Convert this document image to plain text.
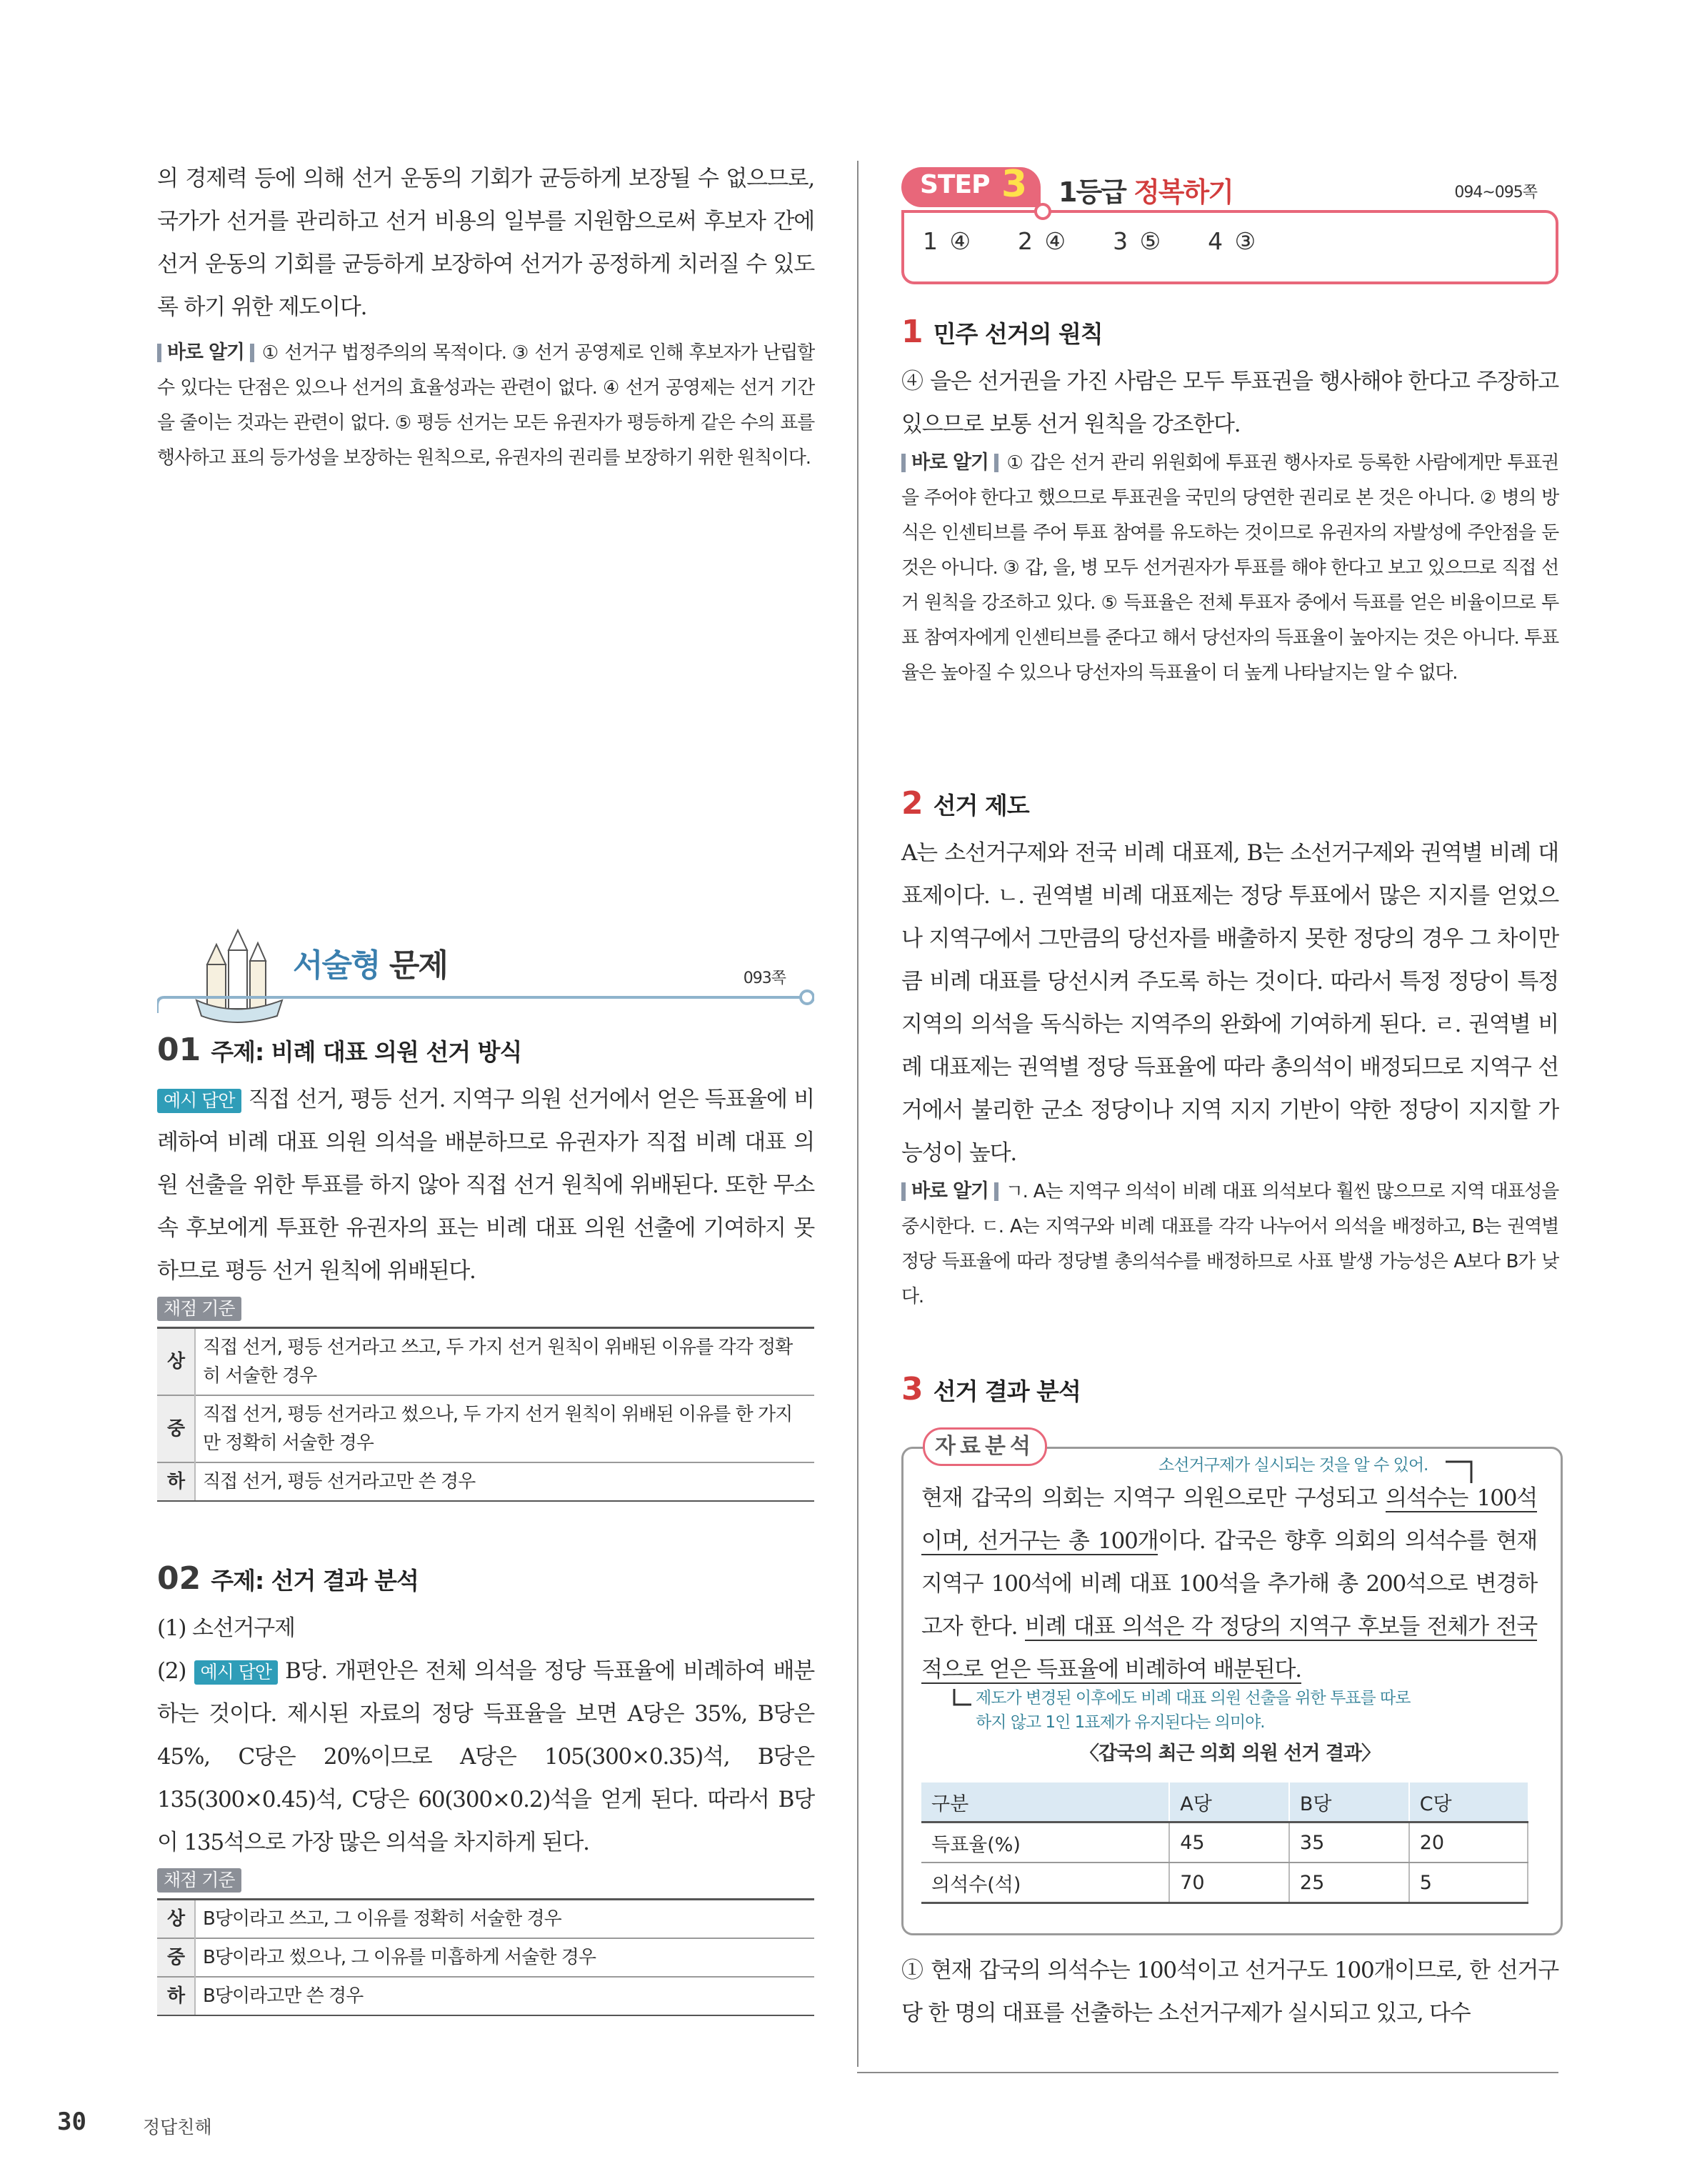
의 경제력 등에 의해 선거 운동의 기회가 균등하게 보장될 수 없으므로, 국가가 선거를 관리하고 선거 비용의 일부를 지원함으로써 후보자 간에 선거 운동의 기회를 균등하게 보장하여 선거가 공정하게 치러질 수 있도록 하기 위한 제도이다.
바로 알기 ① 선거구 법정주의의 목적이다. ③ 선거 공영제로 인해 후보자가 난립할 수 있다는 단점은 있으나 선거의 효율성과는 관련이 없다. ④ 선거 공영제는 선거 기간을 줄이는 것과는 관련이 없다. ⑤ 평등 선거는 모든 유권자가 평등하게 같은 수의 표를 행사하고 표의 등가성을 보장하는 원칙으로, 유권자의 권리를 보장하기 위한 원칙이다.
서술형 문제	093쪽
01 주제: 비례 대표 의원 선거 방식
예시 답안 직접 선거, 평등 선거. 지역구 의원 선거에서 얻은 득표율에 비례하여 비례 대표 의원 의석을 배분하므로 유권자가 직접 비례 대표 의원 선출을 위한 투표를 하지 않아 직접 선거 원칙에 위배된다. 또한 무소속 후보에게 투표한 유권자의 표는 비례 대표 의원 선출에 기여하지 못하므로 평등 선거 원칙에 위배된다.
채점 기준
상	직접 선거, 평등 선거라고 쓰고, 두 가지 선거 원칙이 위배된 이유를 각각 정확히 서술한 경우
중	직접 선거, 평등 선거라고 썼으나, 두 가지 선거 원칙이 위배된 이유를 한 가지만 정확히 서술한 경우
하	직접 선거, 평등 선거라고만 쓴 경우
02 주제: 선거 결과 분석
(1) 소선거구제
(2) 예시 답안 B당. 개편안은 전체 의석을 정당 득표율에 비례하여 배분하는 것이다. 제시된 자료의 정당 득표율을 보면 A당은 35%, B당은 45%, C당은 20%이므로 A당은 105(300×0.35)석, B당은 135(300×0.45)석, C당은 60(300×0.2)석을 얻게 된다. 따라서 B당이 135석으로 가장 많은 의석을 차지하게 된다.
채점 기준
상	B당이라고 쓰고, 그 이유를 정확히 서술한 경우
중	B당이라고 썼으나, 그 이유를 미흡하게 서술한 경우
하	B당이라고만 쓴 경우
STEP 3 1등급 정복하기	094~095쪽
1 ④ 2 ④ 3 ⑤ 4 ③
1 민주 선거의 원칙
④ 을은 선거권을 가진 사람은 모두 투표권을 행사해야 한다고 주장하고 있으므로 보통 선거 원칙을 강조한다.
바로 알기 ① 갑은 선거 관리 위원회에 투표권 행사자로 등록한 사람에게만 투표권을 주어야 한다고 했으므로 투표권을 국민의 당연한 권리로 본 것은 아니다. ② 병의 방식은 인센티브를 주어 투표 참여를 유도하는 것이므로 유권자의 자발성에 주안점을 둔 것은 아니다. ③ 갑, 을, 병 모두 선거권자가 투표를 해야 한다고 보고 있으므로 직접 선거 원칙을 강조하고 있다. ⑤ 득표율은 전체 투표자 중에서 득표를 얻은 비율이므로 투표 참여자에게 인센티브를 준다고 해서 당선자의 득표율이 높아지는 것은 아니다. 투표율은 높아질 수 있으나 당선자의 득표율이 더 높게 나타날지는 알 수 없다.
2 선거 제도
A는 소선거구제와 전국 비례 대표제, B는 소선거구제와 권역별 비례 대표제이다. ㄴ. 권역별 비례 대표제는 정당 투표에서 많은 지지를 얻었으나 지역구에서 그만큼의 당선자를 배출하지 못한 정당의 경우 그 차이만큼 비례 대표를 당선시켜 주도록 하는 것이다. 따라서 특정 정당이 특정 지역의 의석을 독식하는 지역주의 완화에 기여하게 된다. ㄹ. 권역별 비례 대표제는 권역별 정당 득표율에 따라 총의석이 배정되므로 지역구 선거에서 불리한 군소 정당이나 지역 지지 기반이 약한 정당이 지지할 가능성이 높다.
바로 알기 ㄱ. A는 지역구 의석이 비례 대표 의석보다 훨씬 많으므로 지역 대표성을 중시한다. ㄷ. A는 지역구와 비례 대표를 각각 나누어서 의석을 배정하고, B는 권역별 정당 득표율에 따라 정당별 총의석수를 배정하므로 사표 발생 가능성은 A보다 B가 낮다.
3 선거 결과 분석
자료분석
소선거구제가 실시되는 것을 알 수 있어.
현재 갑국의 의회는 지역구 의원으로만 구성되고 의석수는 100석이며, 선거구는 총 100개이다. 갑국은 향후 의회의 의석수를 현재 지역구 100석에 비례 대표 100석을 추가해 총 200석으로 변경하고자 한다. 비례 대표 의석은 각 정당의 지역구 후보들 전체가 전국적으로 얻은 득표율에 비례하여 배분된다.
제도가 변경된 이후에도 비례 대표 의원 선출을 위한 투표를 따로
하지 않고 1인 1표제가 유지된다는 의미야.
〈갑국의 최근 의회 의원 선거 결과〉
구분	A당	B당	C당
득표율(%)	45	35	20
의석수(석)	70	25	5
① 현재 갑국의 의석수는 100석이고 선거구도 100개이므로, 한 선거구당 한 명의 대표를 선출하는 소선거구제가 실시되고 있고, 다수
30	정답친해
